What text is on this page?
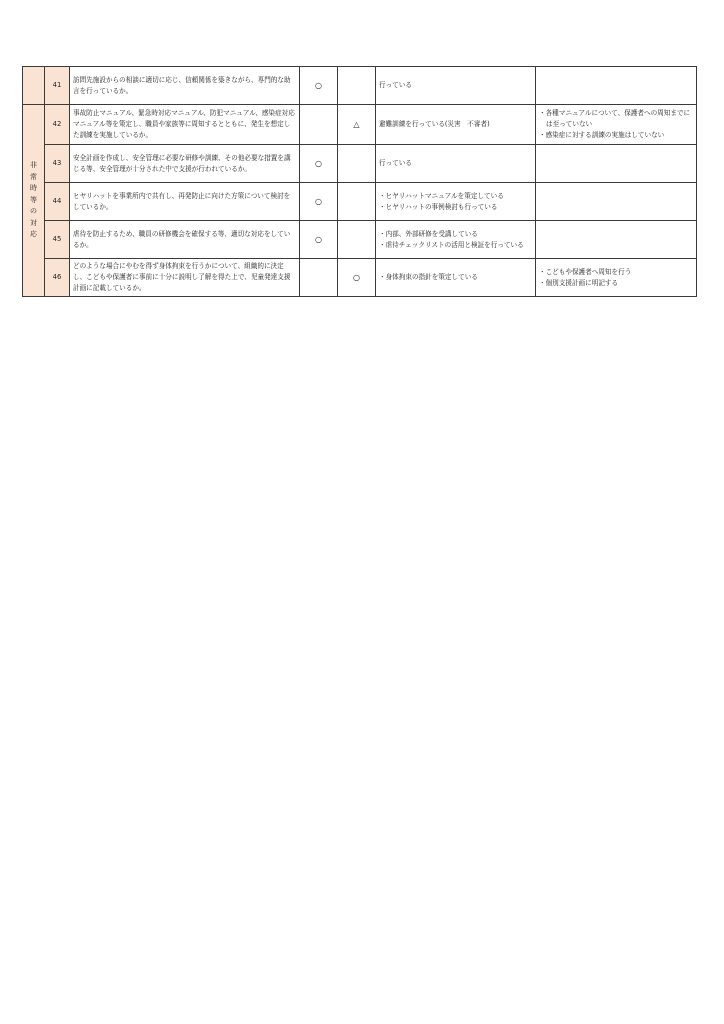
	41	訪問先施設からの相談に適切に応じ、信頼関係を築きながら、専門的な助言を行っているか。	○		行っている	

非常時等の対応	42	事故防止マニュアル、緊急時対応マニュアル、防犯マニュアル、感染症対応マニュアル等を策定し、職員や家族等に周知するとともに、発生を想定した訓練を実施しているか。		△	避難訓練を行っている(災害　不審者)	・各種マニュアルについて、保護者への周知までには至っていない
・感染症に対する訓練の実施はしていない

	43	安全計画を作成し、安全管理に必要な研修や訓練、その他必要な措置を講じる等、安全管理が十分された中で支援が行われているか。	○		行っている	

	44	ヒヤリハットを事業所内で共有し、再発防止に向けた方策について検討をしているか。	○		・ヒヤリハットマニュアルを策定している
・ヒヤリハットの事例検討も行っている	

	45	虐待を防止するため、職員の研修機会を確保する等、適切な対応をしているか。	○		・内部、外部研修を受講している
・虐待チェックリストの活用と検証を行っている	

	46	どのような場合にやむを得ず身体拘束を行うかについて、組織的に決定し、こどもや保護者に事前に十分に説明し了解を得た上で、児童発達支援計画に記載しているか。		○	・身体拘束の指針を策定している	・こどもや保護者へ周知を行う
・個別支援計画に明記する
